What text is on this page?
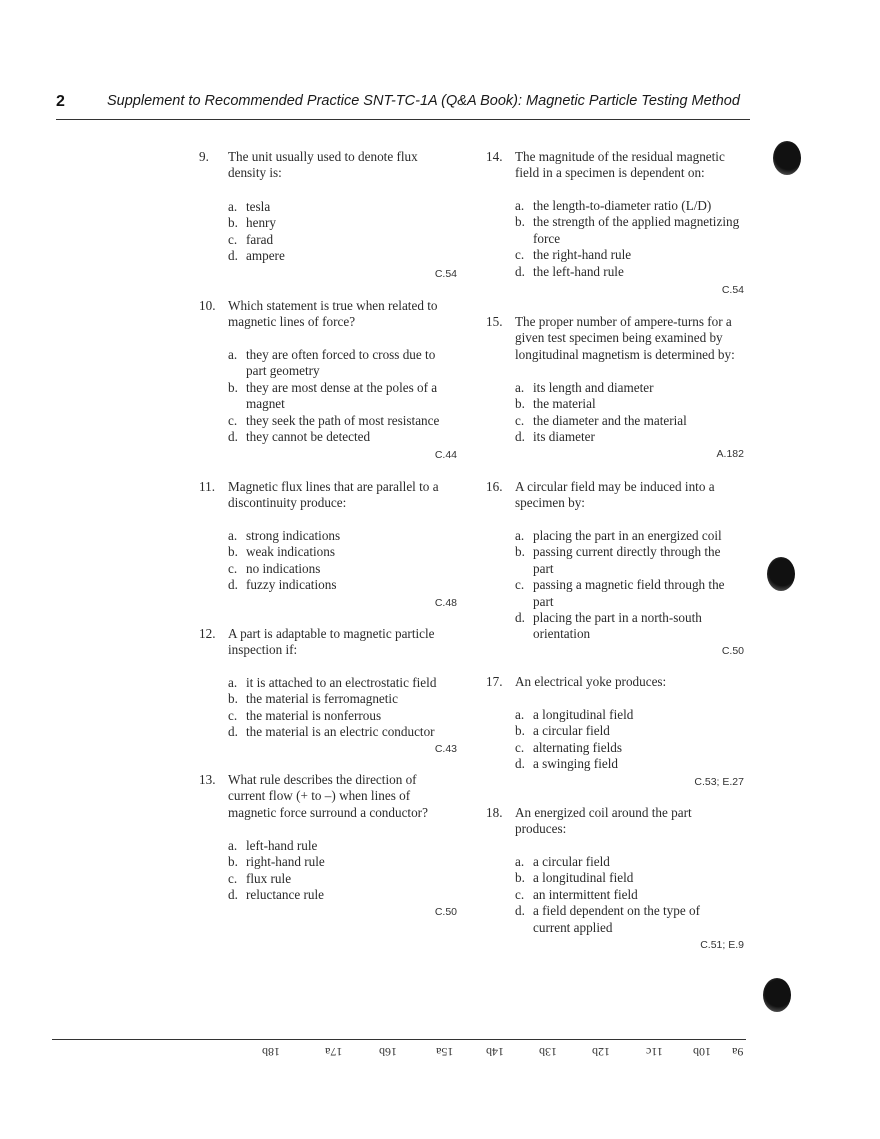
2	Supplement to Recommended Practice SNT-TC-1A (Q&A Book): Magnetic Particle Testing Method
9.	The unit usually used to denote flux density is:
a. tesla
b. henry
c. farad
d. ampere
C.54
10. Which statement is true when related to magnetic lines of force?
a. they are often forced to cross due to part geometry
b. they are most dense at the poles of a magnet
c. they seek the path of most resistance
d. they cannot be detected
C.44
11. Magnetic flux lines that are parallel to a discontinuity produce:
a. strong indications
b. weak indications
c. no indications
d. fuzzy indications
C.48
12. A part is adaptable to magnetic particle inspection if:
a. it is attached to an electrostatic field
b. the material is ferromagnetic
c. the material is nonferrous
d. the material is an electric conductor
C.43
13. What rule describes the direction of current flow (+ to –) when lines of magnetic force surround a conductor?
a. left-hand rule
b. right-hand rule
c. flux rule
d. reluctance rule
C.50
14. The magnitude of the residual magnetic field in a specimen is dependent on:
a. the length-to-diameter ratio (L/D)
b. the strength of the applied magnetizing force
c. the right-hand rule
d. the left-hand rule
C.54
15. The proper number of ampere-turns for a given test specimen being examined by longitudinal magnetism is determined by:
a. its length and diameter
b. the material
c. the diameter and the material
d. its diameter
A.182
16. A circular field may be induced into a specimen by:
a. placing the part in an energized coil
b. passing current directly through the part
c. passing a magnetic field through the part
d. placing the part in a north-south orientation
C.50
17. An electrical yoke produces:
a. a longitudinal field
b. a circular field
c. alternating fields
d. a swinging field
C.53; E.27
18. An energized coil around the part produces:
a. a circular field
b. a longitudinal field
c. an intermittent field
d. a field dependent on the type of current applied
C.51; E.9
18b	17a	16b	15a	14b	13b	12b	11c	10b 9a
